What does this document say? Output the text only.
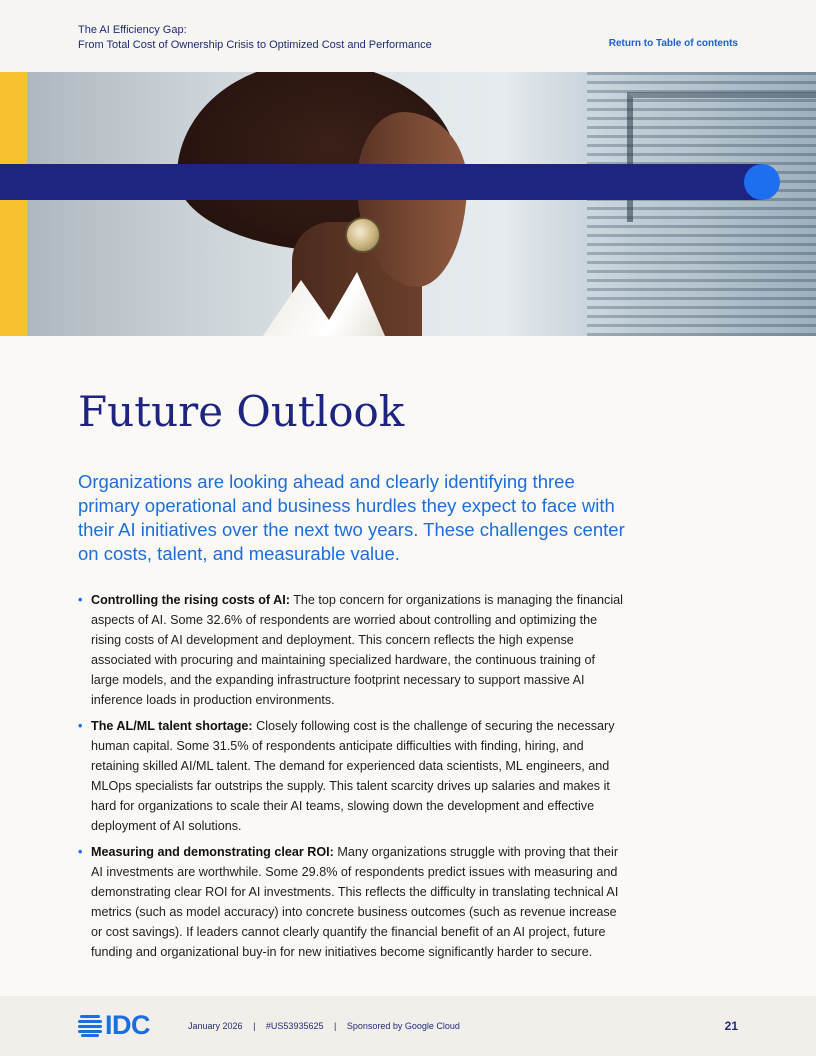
The AI Efficiency Gap:
From Total Cost of Ownership Crisis to Optimized Cost and Performance	Return to Table of contents
Future Outlook

Organizations are looking ahead and clearly identifying three primary operational and business hurdles they expect to face with their AI initiatives over the next two years. These challenges center on costs, talent, and measurable value.

• Controlling the rising costs of AI: The top concern for organizations is managing the financial aspects of AI. Some 32.6% of respondents are worried about controlling and optimizing the rising costs of AI development and deployment. This concern reflects the high expense associated with procuring and maintaining specialized hardware, the continuous training of large models, and the expanding infrastructure footprint necessary to support massive AI inference loads in production environments.
• The AL/ML talent shortage: Closely following cost is the challenge of securing the necessary human capital. Some 31.5% of respondents anticipate difficulties with finding, hiring, and retaining skilled AI/ML talent. The demand for experienced data scientists, ML engineers, and MLOps specialists far outstrips the supply. This talent scarcity drives up salaries and makes it hard for organizations to scale their AI teams, slowing down the development and effective deployment of AI solutions.
• Measuring and demonstrating clear ROI: Many organizations struggle with proving that their AI investments are worthwhile. Some 29.8% of respondents predict issues with measuring and demonstrating clear ROI for AI investments. This reflects the difficulty in translating technical AI metrics (such as model accuracy) into concrete business outcomes (such as revenue increase or cost savings). If leaders cannot clearly quantify the financial benefit of an AI project, future funding and organizational buy-in for new initiatives become significantly harder to secure.
IDC	January 2026 | #US53935625 | Sponsored by Google Cloud	21
